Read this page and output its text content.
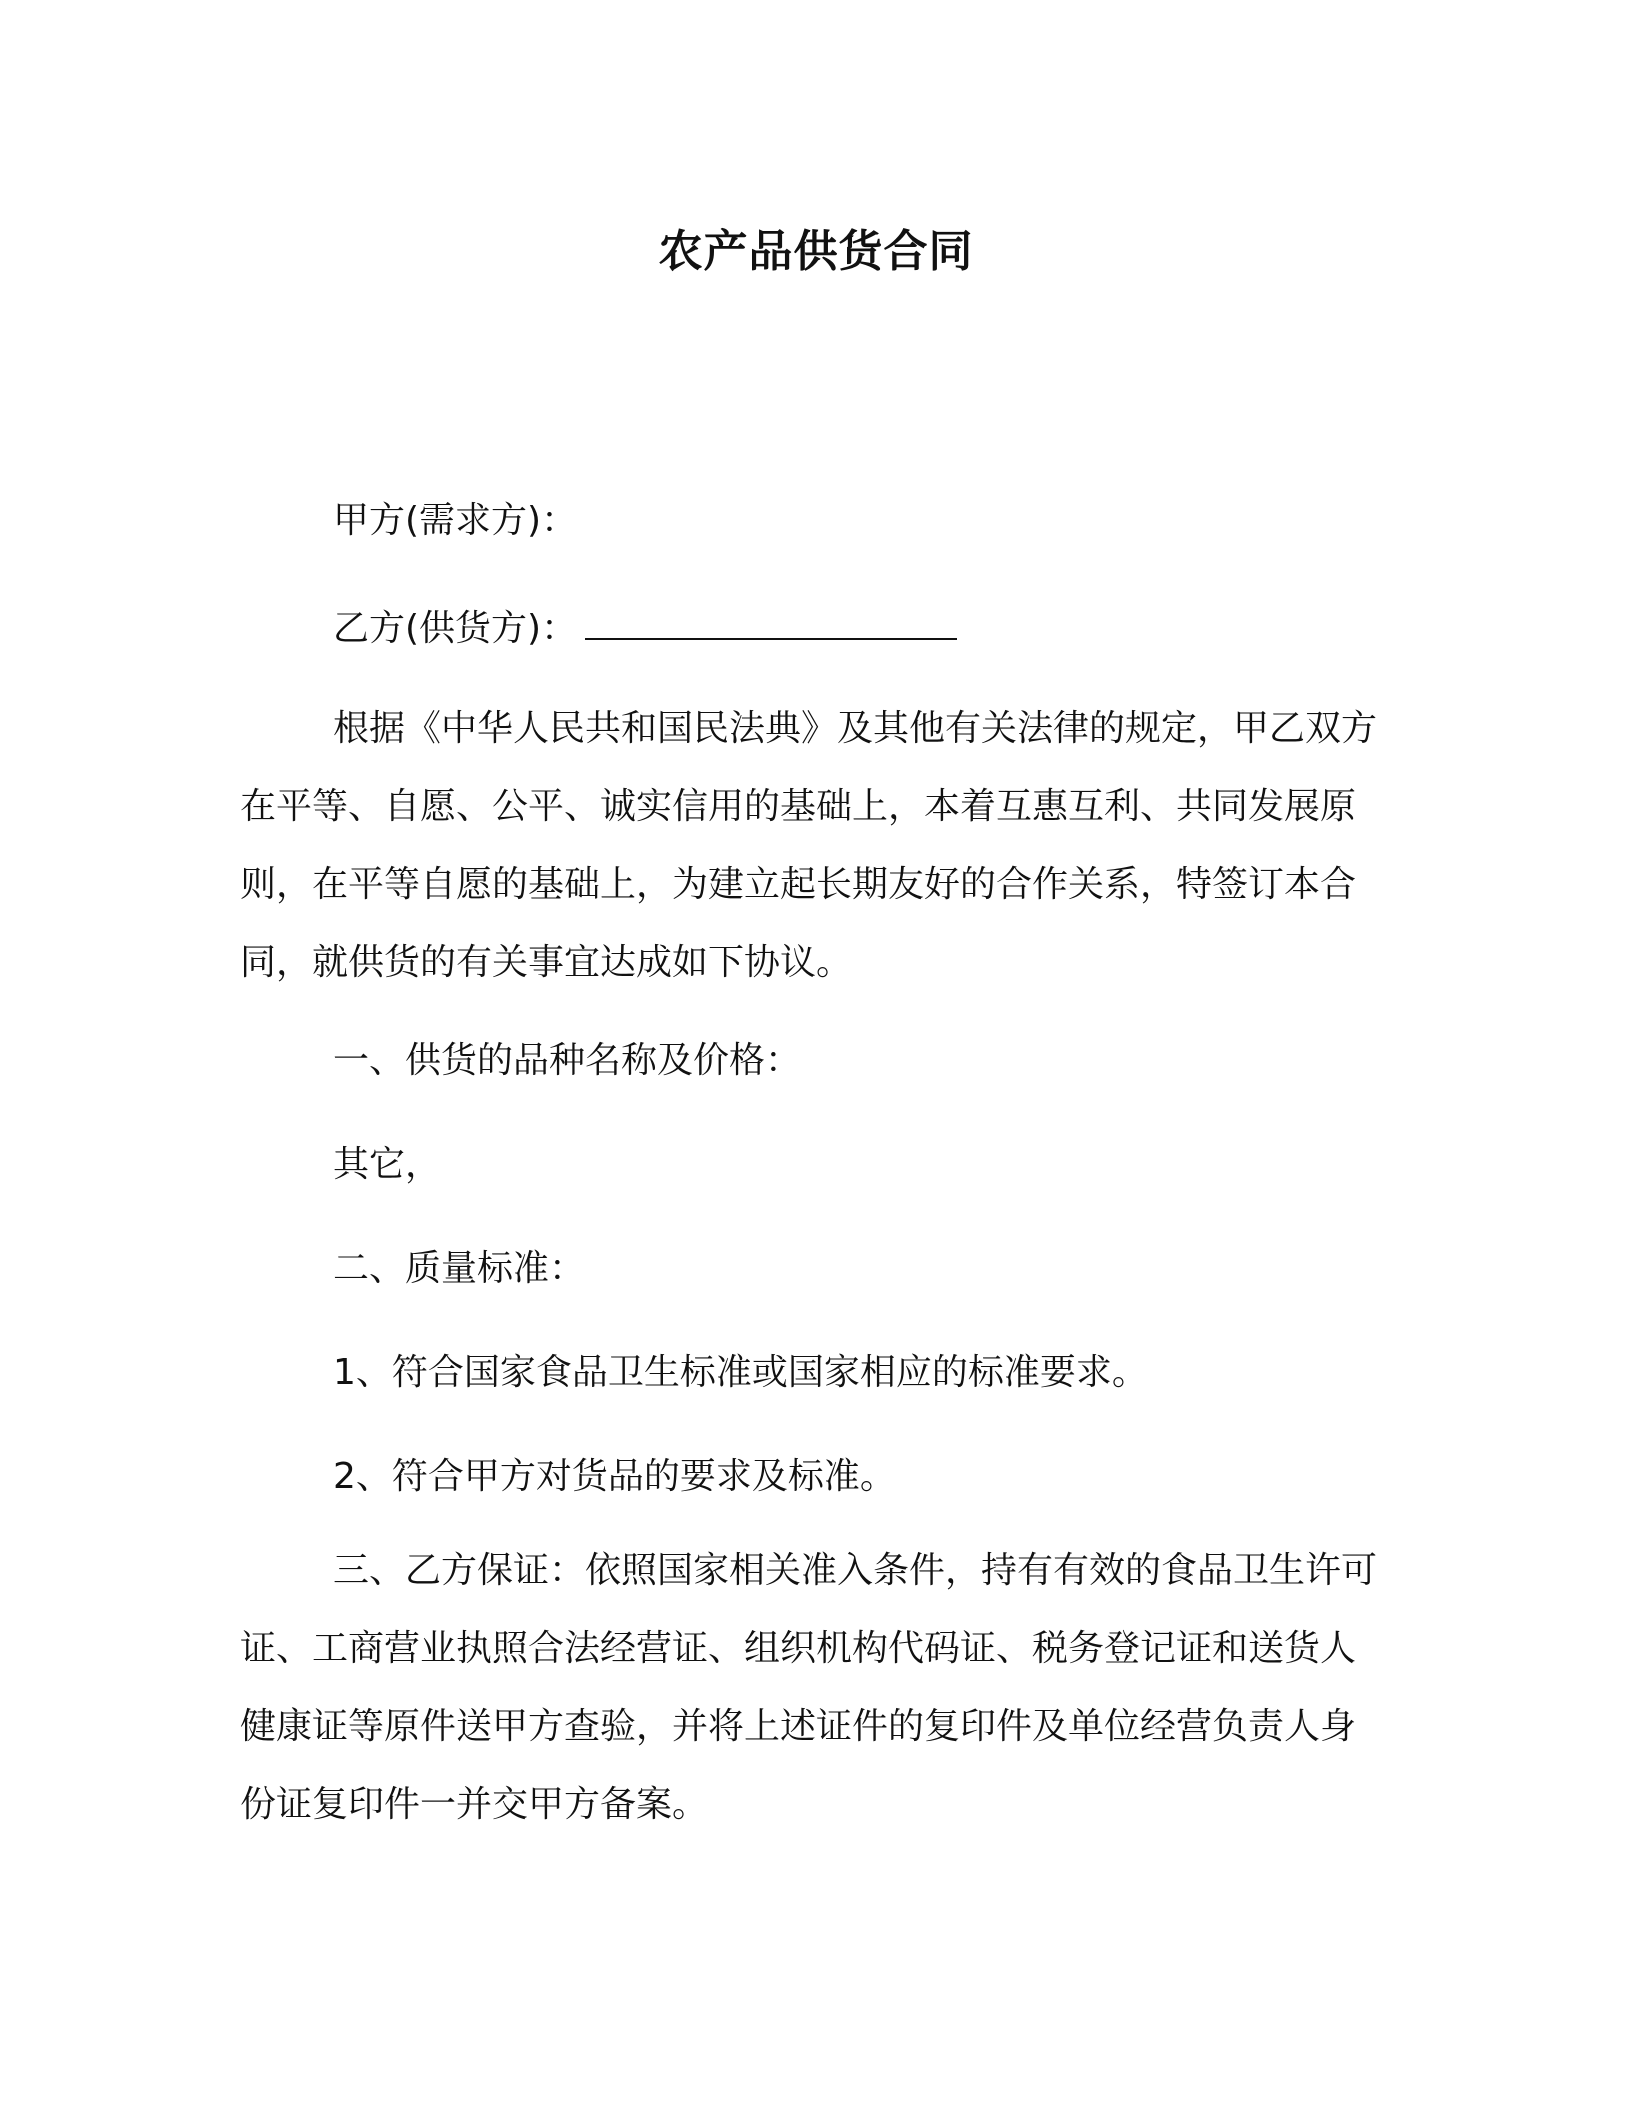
农产品供货合同
甲方(需求方)：
乙方(供货方)：
根据《中华人民共和国民法典》及其他有关法律的规定，甲乙双方在平等、自愿、公平、诚实信用的基础上，本着互惠互利、共同发展原则，在平等自愿的基础上，为建立起长期友好的合作关系，特签订本合同，就供货的有关事宜达成如下协议。
一、供货的品种名称及价格：
其它，
二、质量标准：
1、符合国家食品卫生标准或国家相应的标准要求。
2、符合甲方对货品的要求及标准。
三、乙方保证：依照国家相关准入条件，持有有效的食品卫生许可证、工商营业执照合法经营证、组织机构代码证、税务登记证和送货人健康证等原件送甲方查验，并将上述证件的复印件及单位经营负责人身份证复印件一并交甲方备案。
